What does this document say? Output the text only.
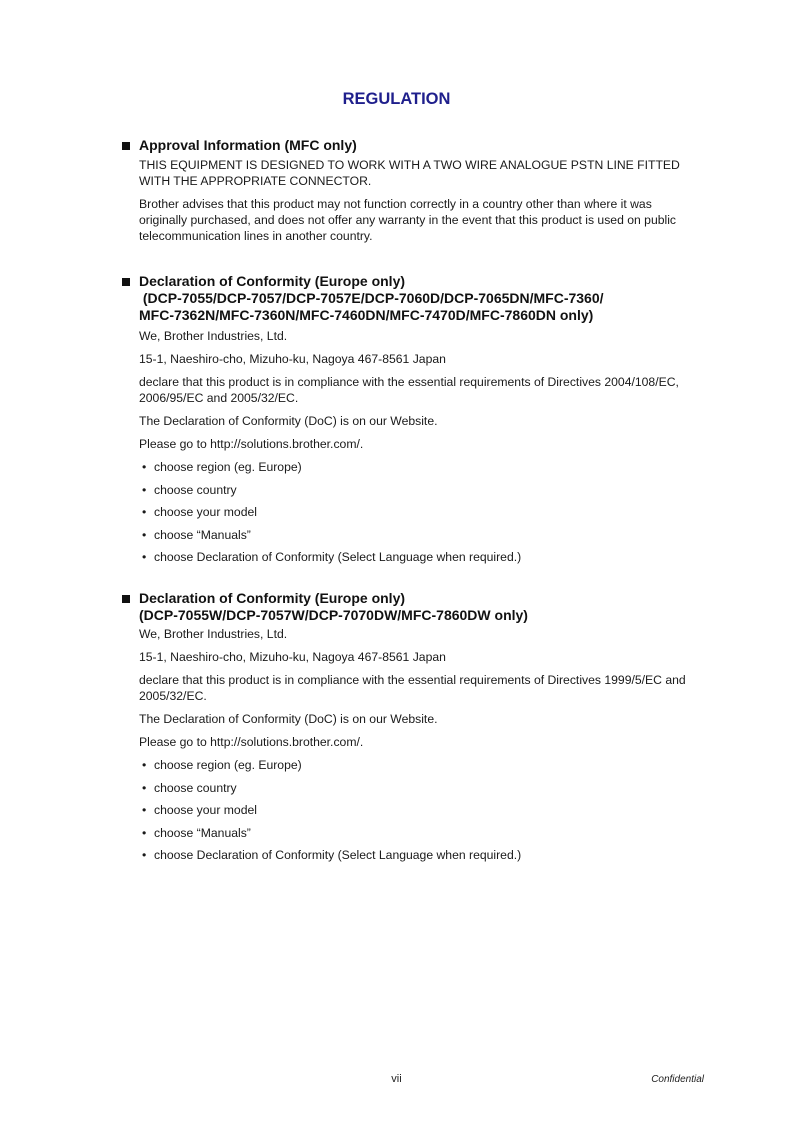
REGULATION
Approval Information (MFC only)

THIS EQUIPMENT IS DESIGNED TO WORK WITH A TWO WIRE ANALOGUE PSTN LINE FITTED WITH THE APPROPRIATE CONNECTOR.

Brother advises that this product may not function correctly in a country other than where it was originally purchased, and does not offer any warranty in the event that this product is used on public telecommunication lines in another country.

Declaration of Conformity (Europe only)
(DCP-7055/DCP-7057/DCP-7057E/DCP-7060D/DCP-7065DN/MFC-7360/
MFC-7362N/MFC-7360N/MFC-7460DN/MFC-7470D/MFC-7860DN only)

We, Brother Industries, Ltd.

15-1, Naeshiro-cho, Mizuho-ku, Nagoya 467-8561 Japan

declare that this product is in compliance with the essential requirements of Directives 2004/108/EC, 2006/95/EC and 2005/32/EC.

The Declaration of Conformity (DoC) is on our Website.

Please go to http://solutions.brother.com/.

• choose region (eg. Europe)
• choose country
• choose your model
• choose “Manuals”
• choose Declaration of Conformity (Select Language when required.)
Declaration of Conformity (Europe only)
(DCP-7055W/DCP-7057W/DCP-7070DW/MFC-7860DW only)

We, Brother Industries, Ltd.

15-1, Naeshiro-cho, Mizuho-ku, Nagoya 467-8561 Japan

declare that this product is in compliance with the essential requirements of Directives 1999/5/EC and 2005/32/EC.

The Declaration of Conformity (DoC) is on our Website.

Please go to http://solutions.brother.com/.

• choose region (eg. Europe)
• choose country
• choose your model
• choose “Manuals”
• choose Declaration of Conformity (Select Language when required.)
vii	Confidential
